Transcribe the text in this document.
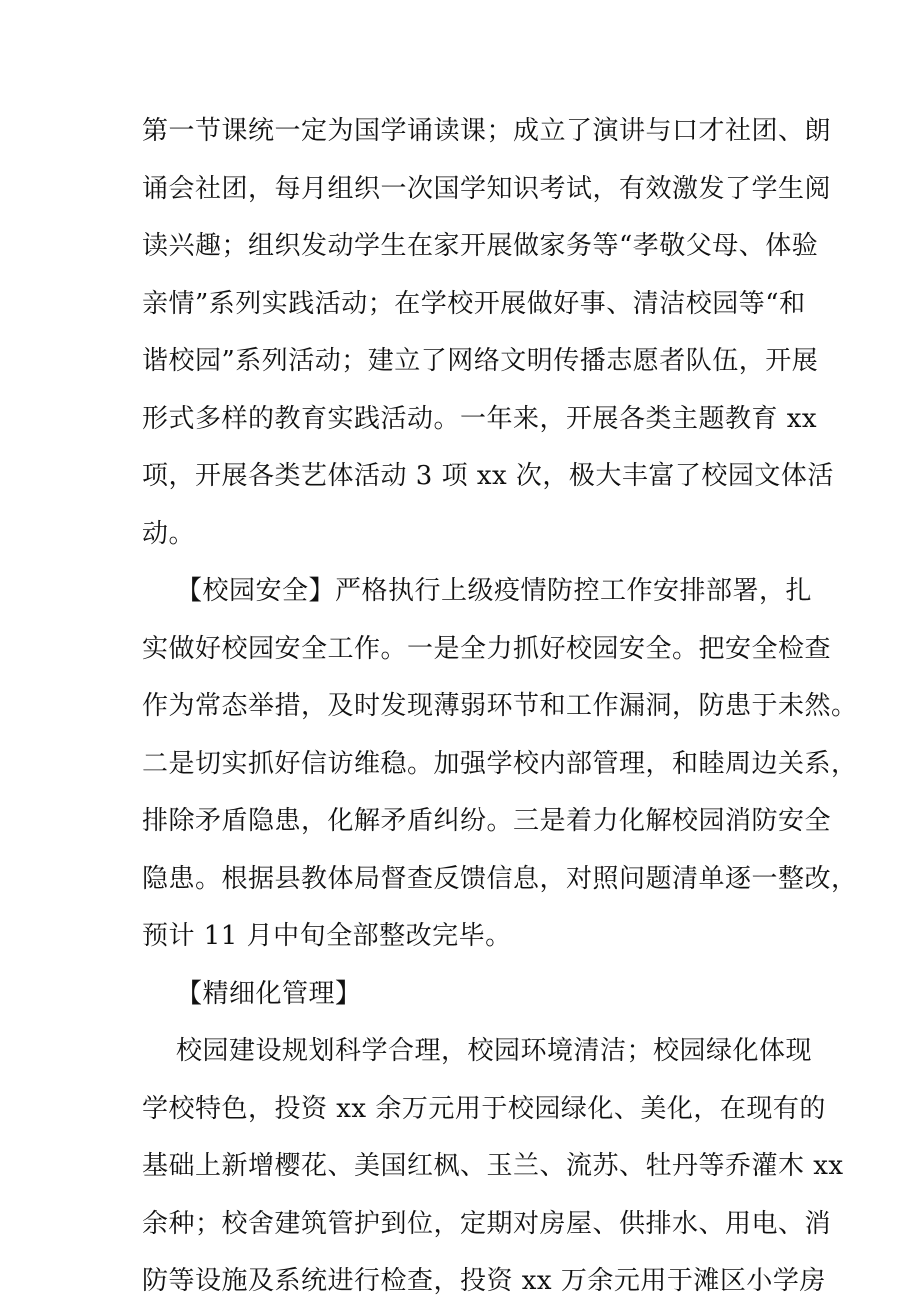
第一节课统一定为国学诵读课；成立了演讲与口才社团、朗
诵会社团，每月组织一次国学知识考试，有效激发了学生阅
读兴趣；组织发动学生在家开展做家务等“孝敬父母、体验
亲情”系列实践活动；在学校开展做好事、清洁校园等“和
谐校园”系列活动；建立了网络文明传播志愿者队伍，开展
形式多样的教育实践活动。一年来，开展各类主题教育 xx
项，开展各类艺体活动 3 项 xx 次，极大丰富了校园文体活
动。
【校园安全】严格执行上级疫情防控工作安排部署，扎
实做好校园安全工作。一是全力抓好校园安全。把安全检查
作为常态举措，及时发现薄弱环节和工作漏洞，防患于未然。
二是切实抓好信访维稳。加强学校内部管理，和睦周边关系，
排除矛盾隐患，化解矛盾纠纷。三是着力化解校园消防安全
隐患。根据县教体局督查反馈信息，对照问题清单逐一整改，
预计 11 月中旬全部整改完毕。
【精细化管理】
校园建设规划科学合理，校园环境清洁；校园绿化体现
学校特色，投资 xx 余万元用于校园绿化、美化，在现有的
基础上新增樱花、美国红枫、玉兰、流苏、牡丹等乔灌木 xx
余种；校舍建筑管护到位，定期对房屋、供排水、用电、消
防等设施及系统进行检查，投资 xx 万余元用于滩区小学房
